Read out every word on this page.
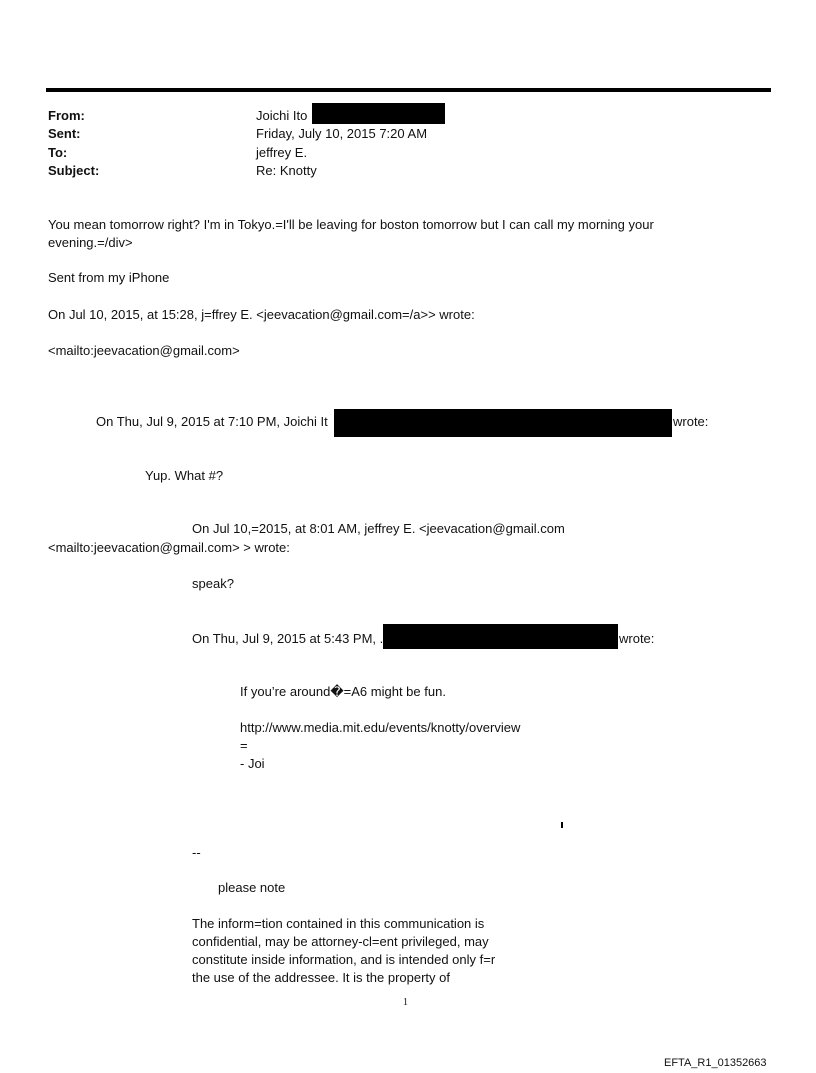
From:	Joichi Ito
Sent:	Friday, July 10, 2015 7:20 AM
To:	jeffrey E.
Subject:	Re: Knotty
You mean tomorrow right? I'm in Tokyo.=I'll be leaving for boston tomorrow but I can call my morning your
evening.=/div>
Sent from my iPhone
On Jul 10, 2015, at 15:28, j=ffrey E. <jeevacation@gmail.com=/a>> wrote:
<mailto:jeevacation@gmail.com>
On Thu, Jul 9, 2015 at 7:10 PM, Joichi It	wrote:
Yup. What #?
On Jul 10,=2015, at 8:01 AM, jeffrey E. <jeevacation@gmail.com
<mailto:jeevacation@gmail.com> > wrote:
speak?
On Thu, Jul 9, 2015 at 5:43 PM, .	wrote:
If you’re around�=A6 might be fun.
http://www.media.mit.edu/events/knotty/overview
=
- Joi
--
please note
The inform=tion contained in this communication is
confidential, may be attorney-cl=ent privileged, may
constitute inside information, and is intended only f=r
the use of the addressee. It is the property of
1
EFTA_R1_01352663
